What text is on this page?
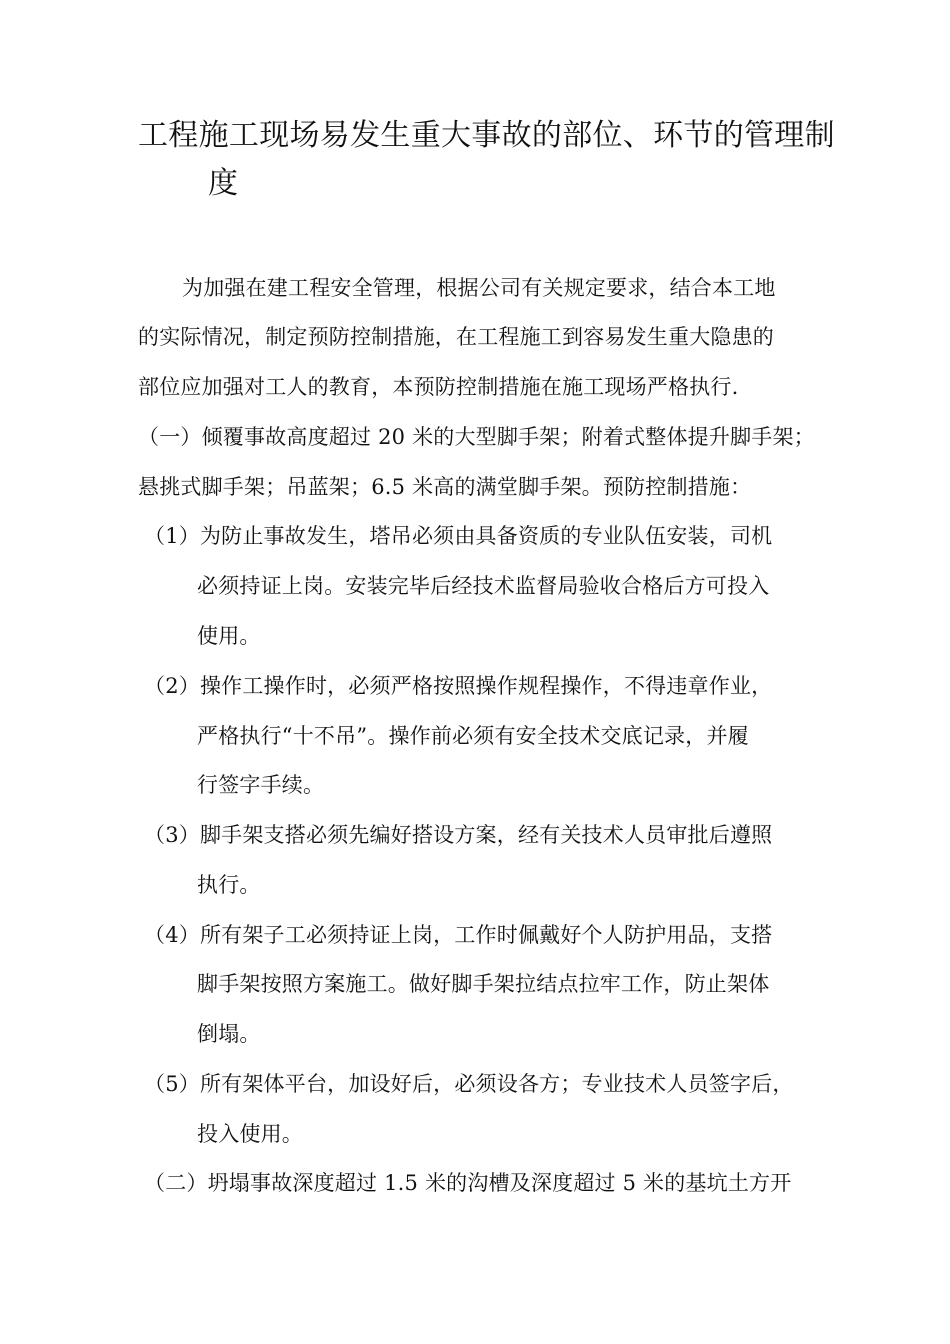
工程施工现场易发生重大事故的部位、环节的管理制
度
为加强在建工程安全管理，根据公司有关规定要求，结合本工地
的实际情况，制定预防控制措施，在工程施工到容易发生重大隐患的
部位应加强对工人的教育，本预防控制措施在施工现场严格执行.
（一）倾覆事故高度超过 20 米的大型脚手架；附着式整体提升脚手架；
悬挑式脚手架；吊蓝架；6.5 米高的满堂脚手架。预防控制措施：
（1）为防止事故发生，塔吊必须由具备资质的专业队伍安装，司机
必须持证上岗。安装完毕后经技术监督局验收合格后方可投入
使用。
（2）操作工操作时，必须严格按照操作规程操作，不得违章作业，
严格执行“十不吊”。操作前必须有安全技术交底记录，并履
行签字手续。
（3）脚手架支搭必须先编好搭设方案，经有关技术人员审批后遵照
执行。
（4）所有架子工必须持证上岗，工作时佩戴好个人防护用品，支搭
脚手架按照方案施工。做好脚手架拉结点拉牢工作，防止架体
倒塌。
（5）所有架体平台，加设好后，必须设各方；专业技术人员签字后，
投入使用。
（二）坍塌事故深度超过 1.5 米的沟槽及深度超过 5 米的基坑土方开
